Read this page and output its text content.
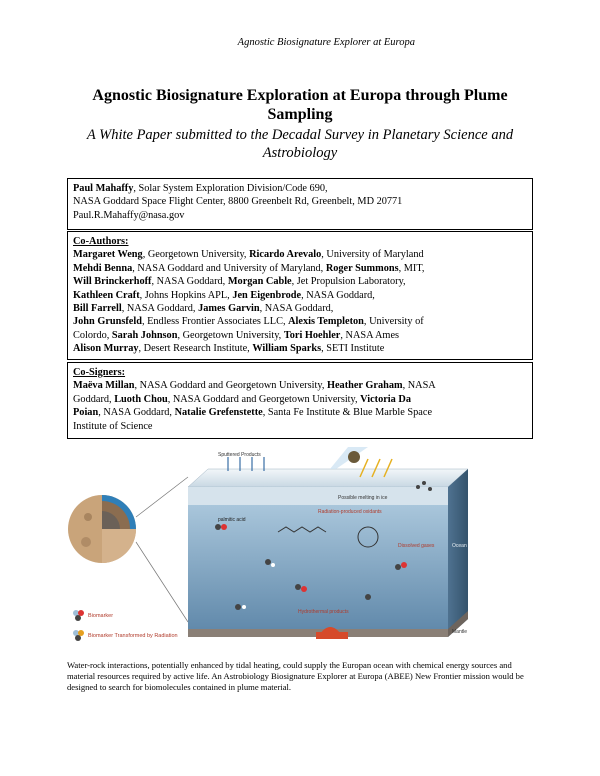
Agnostic Biosignature Explorer at Europa
Agnostic Biosignature Exploration at Europa through Plume Sampling
A White Paper submitted to the Decadal Survey in Planetary Science and Astrobiology
Paul Mahaffy, Solar System Exploration Division/Code 690,
NASA Goddard Space Flight Center, 8800 Greenbelt Rd, Greenbelt, MD 20771
Paul.R.Mahaffy@nasa.gov
Co-Authors:
Margaret Weng, Georgetown University, Ricardo Arevalo, University of Maryland
Mehdi Benna, NASA Goddard and University of Maryland, Roger Summons, MIT,
Will Brinckerhoff, NASA Goddard, Morgan Cable, Jet Propulsion Laboratory,
Kathleen Craft, Johns Hopkins APL, Jen Eigenbrode, NASA Goddard,
Bill Farrell, NASA Goddard, James Garvin, NASA Goddard,
John Grunsfeld, Endless Frontier Associates LLC, Alexis Templeton, University of
Colordo, Sarah Johnson, Georgetown University, Tori Hoehler, NASA Ames
Alison Murray, Desert Research Institute, William Sparks, SETI Institute
Co-Signers:
Maëva Millan, NASA Goddard and Georgetown University, Heather Graham, NASA
Goddard, Luoth Chou, NASA Goddard and Georgetown University, Victoria Da
Poian, NASA Goddard, Natalie Grefenstette, Santa Fe Institute & Blue Marble Space
Institute of Science
Sputtered Products
Possible melting in ice
palmitic acid
Radiation-produced oxidants
Dissolved gases
Hydrothermal products
Ocean
Mantle
Magmatism
Biomarker
Biomarker Transformed by Radiation
Water-rock interactions, potentially enhanced by tidal heating, could supply the Europan ocean with chemical energy sources and material resources required by active life. An Astrobiology Biosignature Explorer at Europa (ABEE) New Frontier mission would be designed to search for biomolecules contained in plume material.
